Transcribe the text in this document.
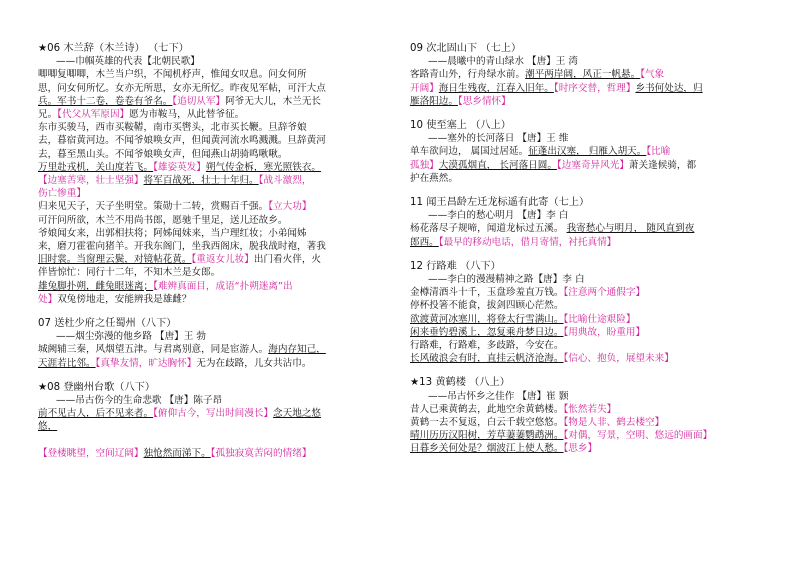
★06 木兰辞（木兰诗） （七下）
——巾帼英雄的代表【北朝民歌】
唧唧复唧唧，木兰当户织，不闻机杼声，惟闻女叹息。问女何所
思，问女何所忆。女亦无所思，女亦无所忆。昨夜见军帖，可汗大点
兵。军书十二卷，卷卷有爷名。【追切从军】阿爷无大儿，木兰无长
兄。【代父从军原因】愿为市鞍马，从此替爷征。
东市买骏马，西市买鞍鞯，南市买辔头，北市买长鞭。旦辞爷娘
去，暮宿黄河边。不闻爷娘唤女声，但闻黄河流水鸣溅溅。旦辞黄河
去，暮至黑山头。不闻爷娘唤女声，但闻燕山胡骑鸣啾啾。
万里赴戎机，关山度若飞。【雄姿英发】朔气传金柝，寒光照铁衣。
【边塞苦寒，壮士坚强】将军百战死，壮士十年归。【战斗激烈，
伤亡惨重】
归来见天子，天子坐明堂。策勋十二转，赏赐百千强。【立大功】
可汗问所欲，木兰不用尚书郎，愿驰千里足，送儿还故乡。
爷娘闻女来，出郭相扶将；阿姊闻妹来，当户理红妆；小弟闻姊
来，磨刀霍霍向猪羊。开我东阁门，坐我西阁床，脱我战时袍，著我
旧时裳。当窗理云鬓，对镜帖花黄。【重返女儿妆】出门看火伴，火
伴皆惊忙：同行十二年，不知木兰是女郎。
雄兔脚扑朔，雌兔眼迷离；【难辨真面目，成语“扑朔迷离”出
处】双兔傍地走，安能辨我是雄雌？
07 送杜少府之任蜀州（八下）
——烟尘弥漫的他乡路 【唐】王 勃
城阙辅三秦，风烟望五津。与君离别意，同是宦游人。海内存知己，
天涯若比邻。【真挚友情，旷达胸怀】无为在歧路，儿女共沾巾。
★08 登幽州台歌（八下）
——吊古伤今的生命悲歌 【唐】陈子昂
前不见古人，后不见来者。【俯仰古今，写出时间漫长】念天地之悠
悠，

【登楼眺望，空间辽阔】独怆然而涕下。【孤独寂寞苦闷的情绪】
09 次北固山下 （七上）
——晨曦中的青山绿水 【唐】王 湾
客路青山外，行舟绿水前。潮平两岸阔，风正一帆悬。【气象
开阔】海日生残夜，江春入旧年。【时序交替，哲理】乡书何处达，归
雁洛阳边。【思乡情怀】
10 使至塞上 （八上）
——塞外的长河落日 【唐】王 维
单车欲问边， 属国过居延。征蓬出汉塞， 归雁入胡天。【比喻
孤独】大漠孤烟直， 长河落日圆。【边塞奇异风光】萧关逢候骑，都
护在燕然。
11 闻王昌龄左迁龙标遥有此寄（七上）
——李白的愁心明月 【唐】李 白
杨花落尽子规啼，闻道龙标过五溪。 我寄愁心与明月， 随风直到夜
郎西。【最早的移动电话，借月寄情，衬托真情】
12 行路难 （八下）
——李白的漫漫精神之路【唐】李 白
金樽清酒斗十千，玉盘珍羞直万钱。【注意两个通假字】
停杯投箸不能食，拔剑四顾心茫然。
欲渡黄河冰塞川，将登太行雪满山。【比喻仕途艰险】
闲来垂钓碧溪上，忽复乘舟梦日边。【用典故，盼重用】
行路难，行路难，多歧路，今安在。
长风破浪会有时，直挂云帆济沧海。【信心、抱负，展望未来】
★13 黄鹤楼 （八上）
——吊古怀乡之佳作 【唐】崔 颢
昔人已乘黄鹤去，此地空余黄鹤楼。【怅然若失】
黄鹤一去不复返，白云千载空悠悠。【物是人非、鹤去楼空】
晴川历历汉阳树，芳草萋萋鹦鹉洲。【对偶，写景，空明、悠远的画面】
日暮乡关何处是？烟波江上使人愁。【思乡】
